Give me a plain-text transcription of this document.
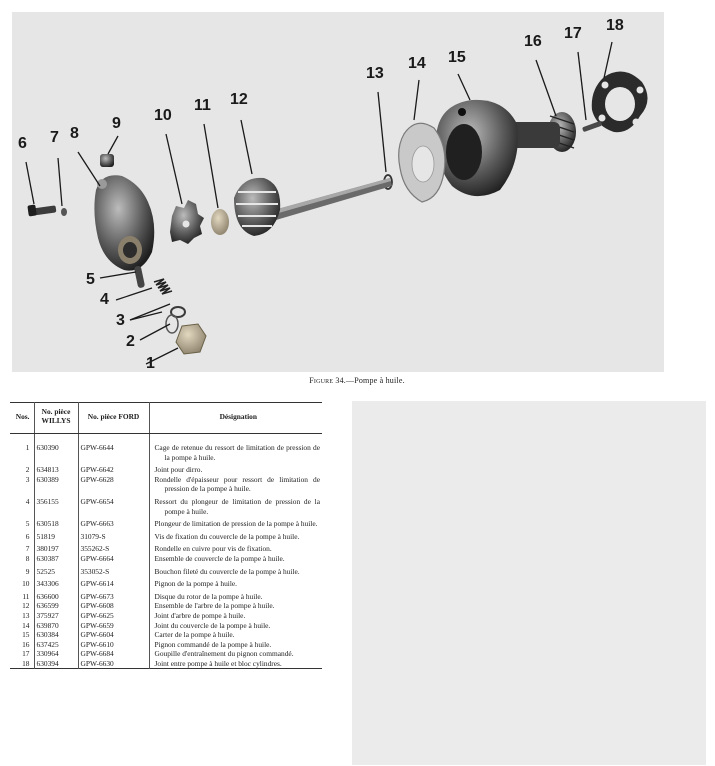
1
2
3
4
5
6 7 8
9 10
11 12
13
14 15
16 17 18
Figure 34.—Pompe à huile.
Nos.	No. pièce WILLYS	No. pièce FORD	Désignation
1	630390	GPW-6644	Cage de retenue du ressort de limitation de pression de la pompe à huile.

2	634813	GPW-6642	Joint pour dirro.

3	630389	GPW-6628	Rondelle d'épaisseur pour ressort de limitation de pression de la pompe à huile.

4	356155	GPW-6654	Ressort du plongeur de limitation de pression de la pompe à huile.

5	630518	GPW-6663	Plongeur de limitation de pression de la pompe à huile.

6	51819	31079-S	Vis de fixation du couvercle de la pompe à huile.

7	380197	355262-S	Rondelle en cuivre pour vis de fixation.

8	630387	GPW-6664	Ensemble de couvercle de la pompe à huile.

9	52525	353052-S	Bouchon fileté du couvercle de la pompe à huile.

10	343306	GPW-6614	Pignon de la pompe à huile.

11	636600	GPW-6673	Disque du rotor de la pompe à huile.

12	636599	GPW-6608	Ensemble de l'arbre de la pompe à huile.

13	375927	GPW-6625	Joint d'arbre de pompe à huile.

14	639870	GPW-6659	Joint du couvercle de la pompe à huile.

15	630384	GPW-6604	Carter de la pompe à huile.

16	637425	GPW-6610	Pignon commandé de la pompe à huile.

17	330964	GPW-6684	Goupille d'entraînement du pignon commandé.

18	630394	GPW-6630	Joint entre pompe à huile et bloc cylindres.
